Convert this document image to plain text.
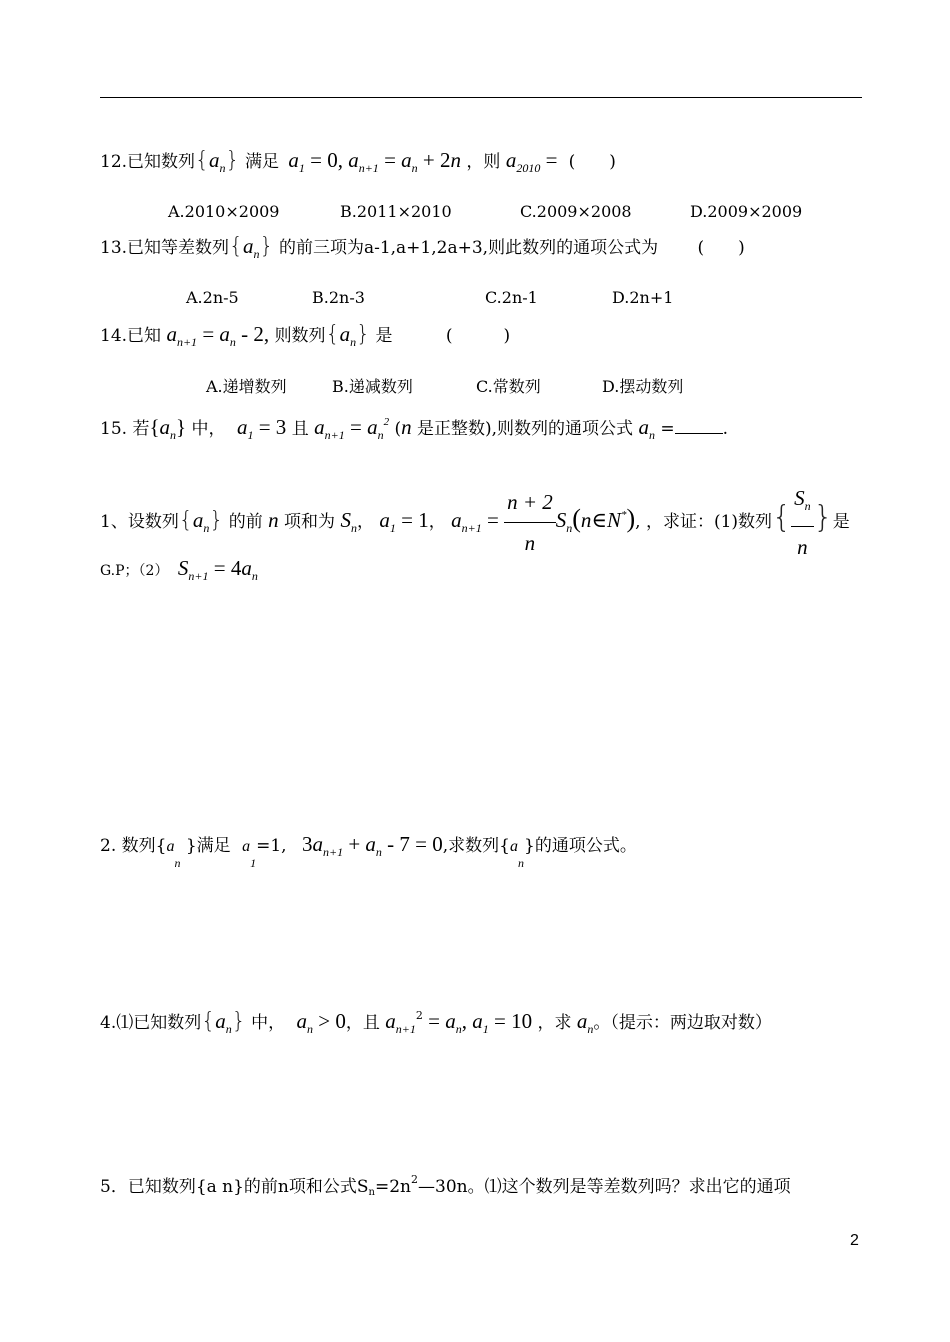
12.已知数列$\{a_n\}$ 满足 $a_1 = 0$, $a_{n+1} = a_n + 2n$ ，则 $a_{2010}$ = (　　)
A.2010×2009	B.2011×2010	C.2009×2008	D.2009×2009
13.已知等差数列$\{a_n\}$ 的前三项为a-1,a+1,2a+3,则此数列的通项公式为 (　　)
A.2n-5	B.2n-3	C.2n-1	D.2n+1
14.已知 $a_{n+1} = a_n - 2$, 则数列$\{a_n\}$ 是	(　　　)
A.递增数列	B.递减数列	C.常数列	D.摆动数列
15. 若$\{a_n\}$ 中， $a_1 = 3$ 且 $a_{n+1} = a_n^2$ (n 是正整数),则数列的通项公式 $a_n$ =	.
1、设数列$\{a_n\}$ 的前 n 项和为 $S_n$， $a_1 = 1$， $a_{n+1} = \frac{n + 2}{n}$ $S_n(n\in N^*)$, ，求证：(1)数列{ $\frac{S_n}{n}$ }是
G.P；（2） $S_{n+1} = 4a_n$
2. 数列{$a_n$ }满足 $a_1=1$, $3a_{n+1} + a_n - 7 = 0$,求数列$\{a_n\}$的通项公式。
4.⑴已知数列$\{a_n\}$ 中， $a_n > 0$，且 $a_{n+1}^2 = a_n$, $a_1 = 10$ ，求 $a_n$。（提示：两边取对数）
5．已知数列{a n}的前n项和公式$Sn=2n^2—30n$。⑴这个数列是等差数列吗？求出它的通项
2
